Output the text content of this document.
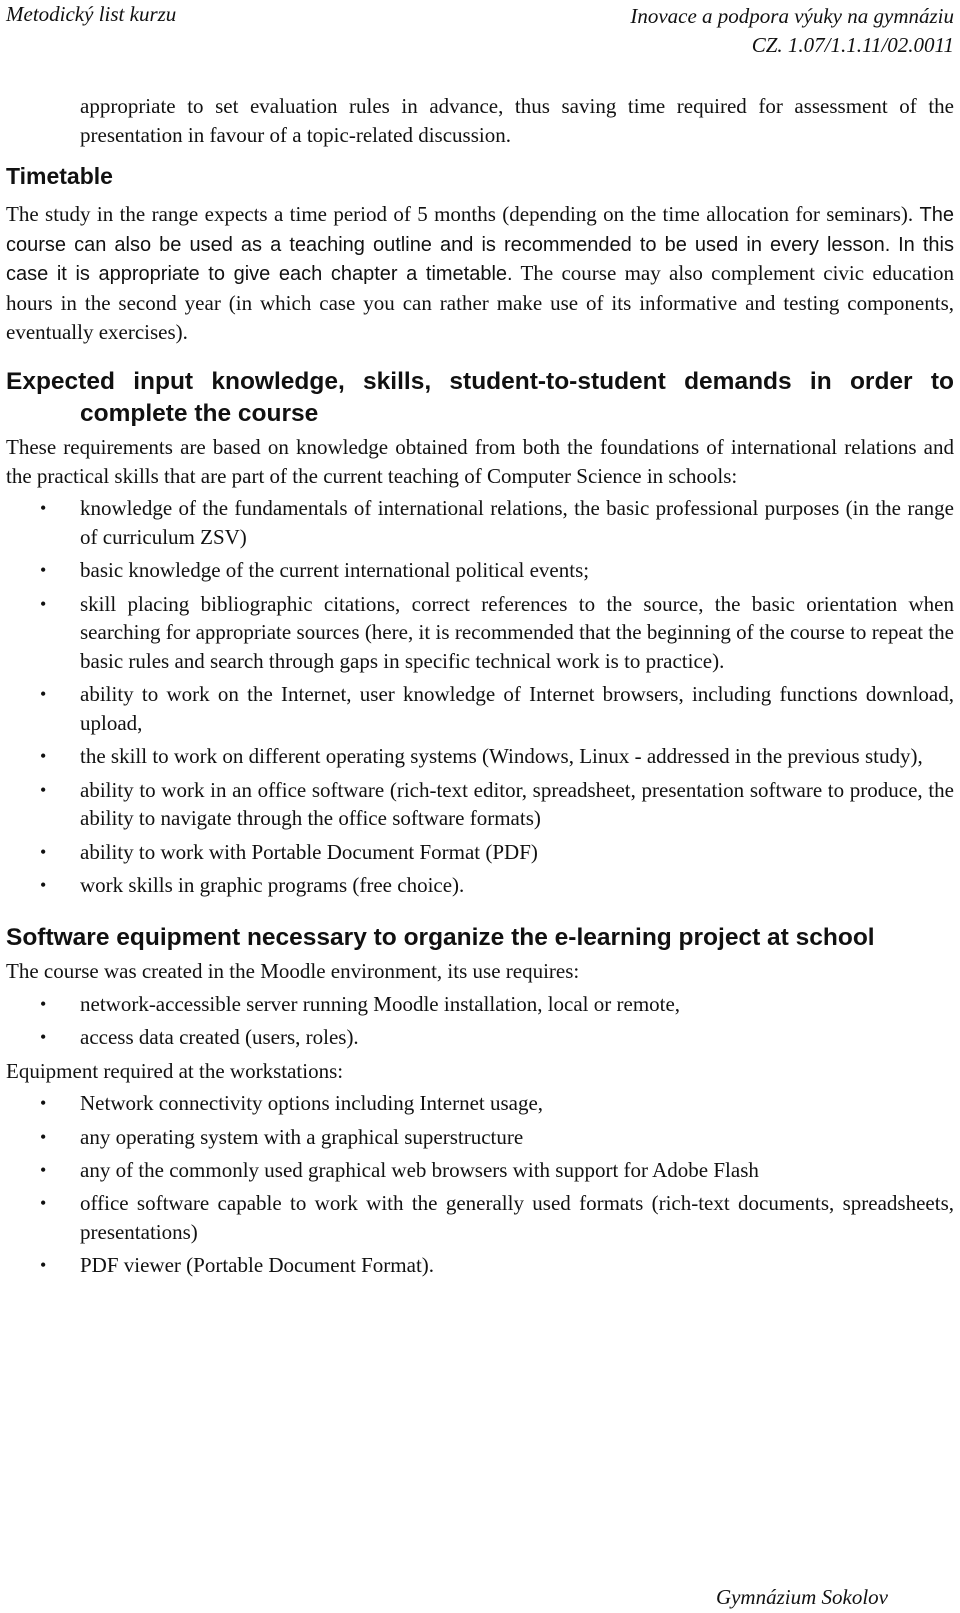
Metodický list kurzu	Inovace a podpora výuky na gymnáziu
CZ. 1.07/1.1.11/02.0011

appropriate to set evaluation rules in advance, thus saving time required for assessment of the presentation in favour of a topic-related discussion.

Timetable

The study in the range expects a time period of 5 months (depending on the time allocation for seminars). The course can also be used as a teaching outline and is recommended to be used in every lesson. In this case it is appropriate to give each chapter a timetable. The course may also complement civic education hours in the second year (in which case you can rather make use of its informative and testing components, eventually exercises).

Expected input knowledge, skills, student-to-student demands in order to complete the course

These requirements are based on knowledge obtained from both the foundations of international relations and the practical skills that are part of the current teaching of Computer Science in schools:

• knowledge of the fundamentals of international relations, the basic professional purposes (in the range of curriculum ZSV)
• basic knowledge of the current international political events;
• skill placing bibliographic citations, correct references to the source, the basic orientation when searching for appropriate sources (here, it is recommended that the beginning of the course to repeat the basic rules and search through gaps in specific technical work is to practice).
• ability to work on the Internet, user knowledge of Internet browsers, including functions download, upload,
• the skill to work on different operating systems (Windows, Linux - addressed in the previous study),
• ability to work in an office software (rich-text editor, spreadsheet, presentation software to produce, the ability to navigate through the office software formats)
• ability to work with Portable Document Format (PDF)
• work skills in graphic programs (free choice).
Software equipment necessary to organize the e-learning project at school

The course was created in the Moodle environment, its use requires:

• network-accessible server running Moodle installation, local or remote,
• access data created (users, roles).

Equipment required at the workstations:

• Network connectivity options including Internet usage,
• any operating system with a graphical superstructure
• any of the commonly used graphical web browsers with support for Adobe Flash
• office software capable to work with the generally used formats (rich-text documents, spreadsheets, presentations)
• PDF viewer (Portable Document Format).
Gymnázium Sokolov
